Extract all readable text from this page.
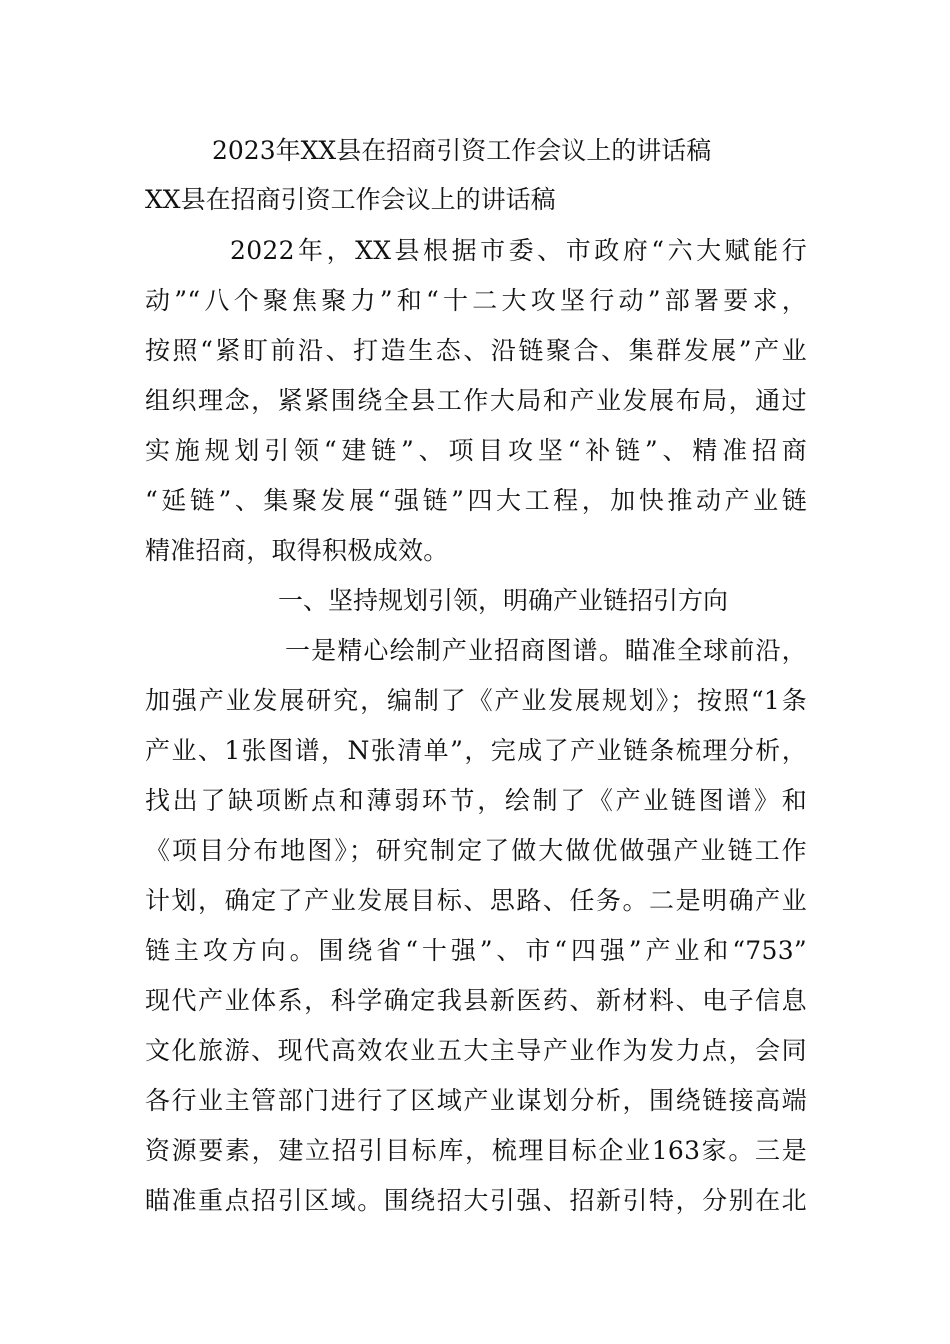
2023年XX县在招商引资工作会议上的讲话稿
XX县在招商引资工作会议上的讲话稿
2022年，XX县根据市委、市政府“六大赋能行
动”“八个聚焦聚力”和“十二大攻坚行动”部署要求，
按照“紧盯前沿、打造生态、沿链聚合、集群发展”产业
组织理念，紧紧围绕全县工作大局和产业发展布局，通过
实施规划引领“建链”、项目攻坚“补链”、精准招商
“延链”、集聚发展“强链”四大工程，加快推动产业链
精准招商，取得积极成效。
一、坚持规划引领，明确产业链招引方向
一是精心绘制产业招商图谱。瞄准全球前沿，
加强产业发展研究，编制了《产业发展规划》；按照“1条
产业、1张图谱，N张清单”，完成了产业链条梳理分析，
找出了缺项断点和薄弱环节，绘制了《产业链图谱》和
《项目分布地图》；研究制定了做大做优做强产业链工作
计划，确定了产业发展目标、思路、任务。二是明确产业
链主攻方向。围绕省“十强”、市“四强”产业和“753”
现代产业体系，科学确定我县新医药、新材料、电子信息
文化旅游、现代高效农业五大主导产业作为发力点，会同
各行业主管部门进行了区域产业谋划分析，围绕链接高端
资源要素，建立招引目标库，梳理目标企业163家。三是
瞄准重点招引区域。围绕招大引强、招新引特，分别在北
